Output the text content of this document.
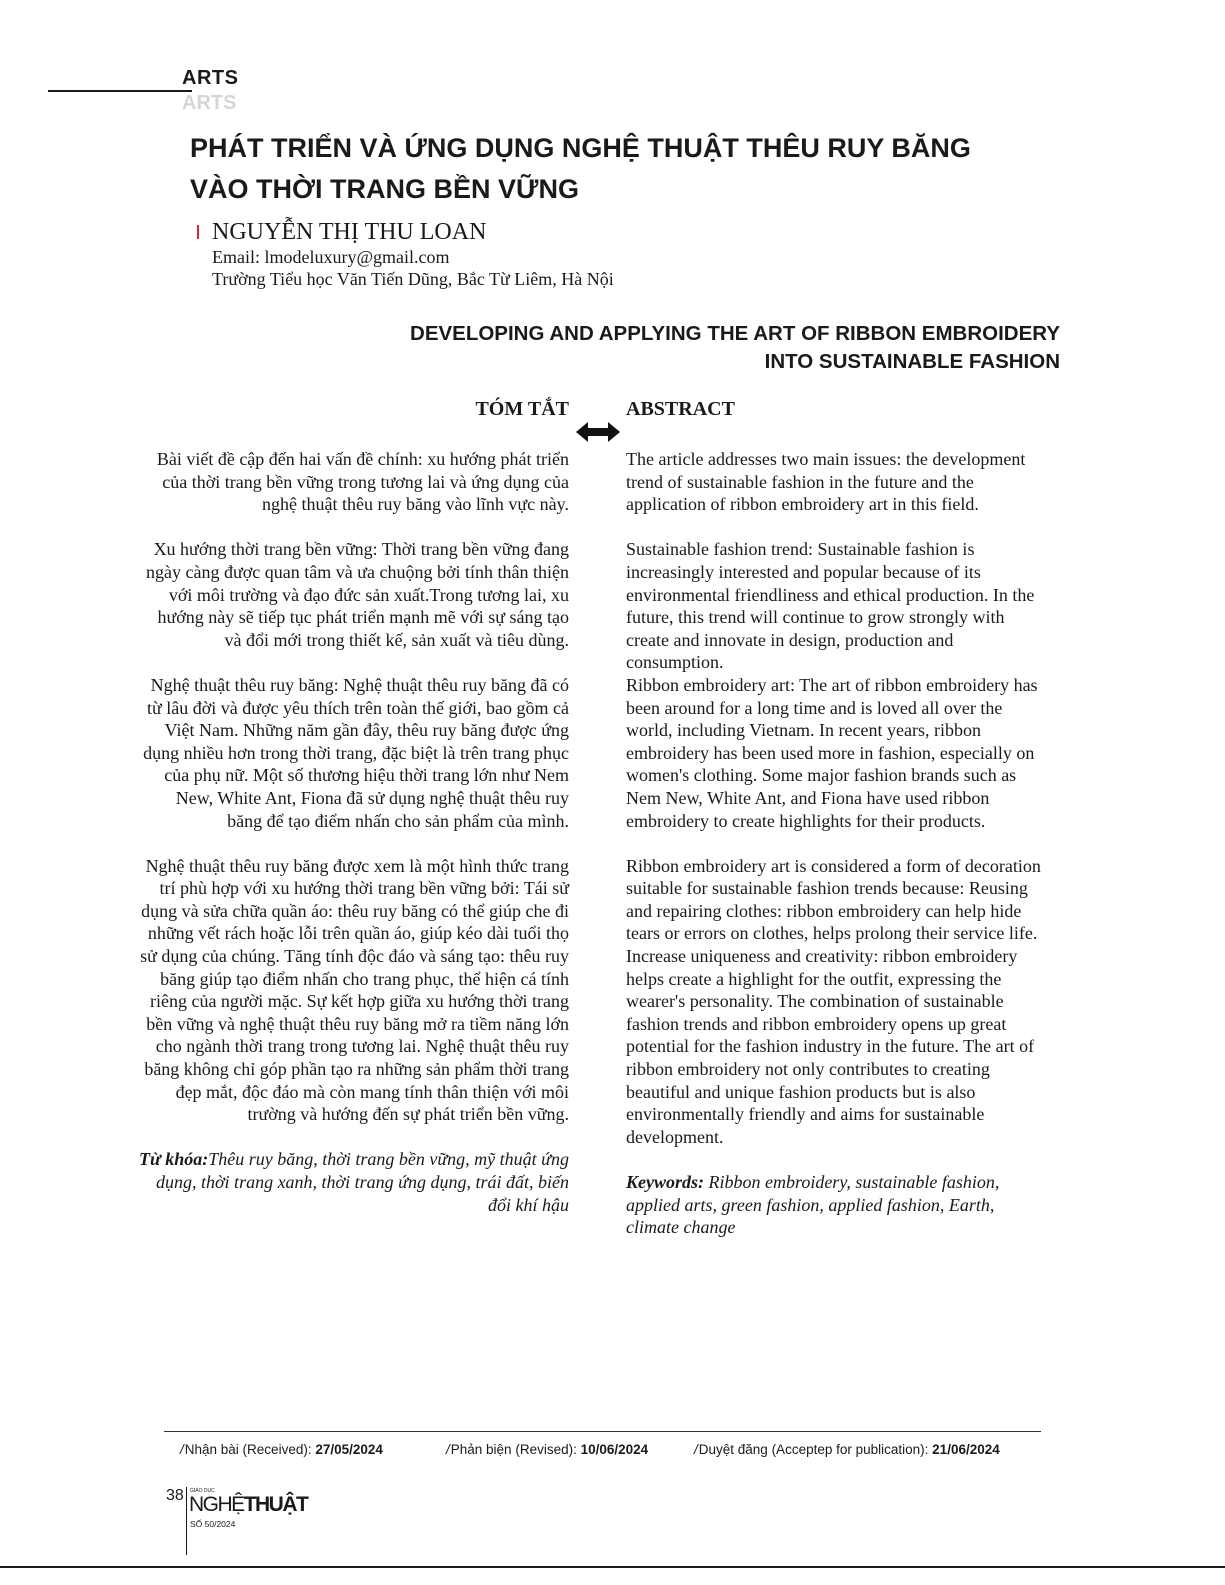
ARTS
ARTS
PHÁT TRIỂN VÀ ỨNG DỤNG NGHỆ THUẬT THÊU RUY BĂNG
VÀO THỜI TRANG BỀN VỮNG
NGUYỄN THỊ THU LOAN
Email: lmodeluxury@gmail.com
Trường Tiểu học Văn Tiến Dũng, Bắc Từ Liêm, Hà Nội
DEVELOPING AND APPLYING THE ART OF RIBBON EMBROIDERY
INTO SUSTAINABLE FASHION
TÓM TẮT	ABSTRACT

Bài viết đề cập đến hai vấn đề chính: xu hướng phát triển của thời trang bền vững trong tương lai và ứng dụng của nghệ thuật thêu ruy băng vào lĩnh vực này.

Xu hướng thời trang bền vững: Thời trang bền vững đang ngày càng được quan tâm và ưa chuộng bởi tính thân thiện với môi trường và đạo đức sản xuất.Trong tương lai, xu hướng này sẽ tiếp tục phát triển mạnh mẽ với sự sáng tạo và đổi mới trong thiết kế, sản xuất và tiêu dùng.

Nghệ thuật thêu ruy băng: Nghệ thuật thêu ruy băng đã có từ lâu đời và được yêu thích trên toàn thế giới, bao gồm cả Việt Nam. Những năm gần đây, thêu ruy băng được ứng dụng nhiều hơn trong thời trang, đặc biệt là trên trang phục của phụ nữ. Một số thương hiệu thời trang lớn như Nem New, White Ant, Fiona đã sử dụng nghệ thuật thêu ruy băng để tạo điểm nhấn cho sản phẩm của mình.

Nghệ thuật thêu ruy băng được xem là một hình thức trang trí phù hợp với xu hướng thời trang bền vững bởi: Tái sử dụng và sửa chữa quần áo: thêu ruy băng có thể giúp che đi những vết rách hoặc lỗi trên quần áo, giúp kéo dài tuổi thọ sử dụng của chúng. Tăng tính độc đáo và sáng tạo: thêu ruy băng giúp tạo điểm nhấn cho trang phục, thể hiện cá tính riêng của người mặc. Sự kết hợp giữa xu hướng thời trang bền vững và nghệ thuật thêu ruy băng mở ra tiềm năng lớn cho ngành thời trang trong tương lai. Nghệ thuật thêu ruy băng không chỉ góp phần tạo ra những sản phẩm thời trang đẹp mắt, độc đáo mà còn mang tính thân thiện với môi trường và hướng đến sự phát triển bền vững.

Từ khóa:Thêu ruy băng, thời trang bền vững, mỹ thuật ứng dụng, thời trang xanh, thời trang ứng dụng, trái đất, biến đổi khí hậu

The article addresses two main issues: the development trend of sustainable fashion in the future and the application of ribbon embroidery art in this field.

Sustainable fashion trend: Sustainable fashion is increasingly interested and popular because of its environmental friendliness and ethical production. In the future, this trend will continue to grow strongly with create and innovate in design, production and consumption.

Ribbon embroidery art: The art of ribbon embroidery has been around for a long time and is loved all over the world, including Vietnam. In recent years, ribbon embroidery has been used more in fashion, especially on women's clothing. Some major fashion brands such as Nem New, White Ant, and Fiona have used ribbon embroidery to create highlights for their products.

Ribbon embroidery art is considered a form of decoration suitable for sustainable fashion trends because: Reusing and repairing clothes: ribbon embroidery can help hide tears or errors on clothes, helps prolong their service life. Increase uniqueness and creativity: ribbon embroidery helps create a highlight for the outfit, expressing the wearer's personality. The combination of sustainable fashion trends and ribbon embroidery opens up great potential for the fashion industry in the future. The art of ribbon embroidery not only contributes to creating beautiful and unique fashion products but is also environmentally friendly and aims for sustainable development.

Keywords: Ribbon embroidery, sustainable fashion, applied arts, green fashion, applied fashion, Earth, climate change

/Nhận bài (Received): 27/05/2024	/Phản biện (Revised): 10/06/2024	/Duyệt đăng (Acceptep for publication): 21/06/2024
38 GIÁO DỤC
NGHỆTHUẬT
SỐ 50/2024
